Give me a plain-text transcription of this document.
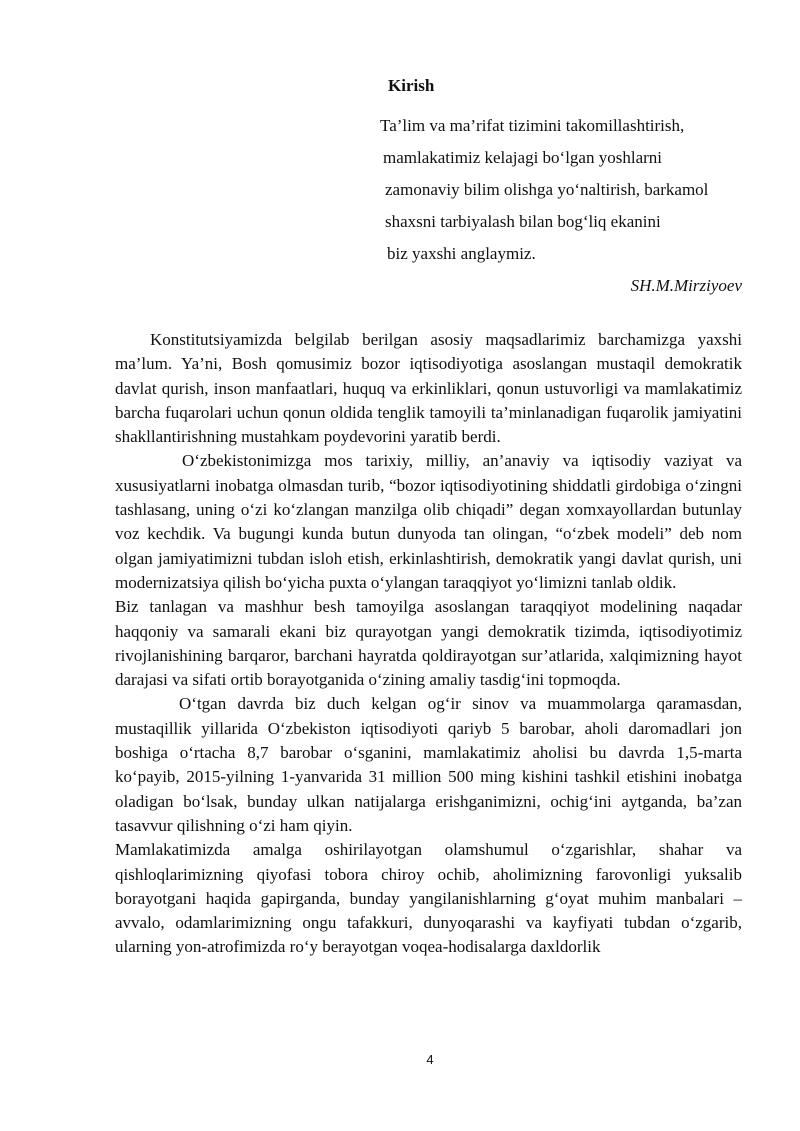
Kirish
Ta’lim va ma’rifat tizimini takomillashtirish,
mamlakatimiz kelajagi bo‘lgan yoshlarni
zamonaviy bilim olishga yo‘naltirish, barkamol
shaxsni tarbiyalash bilan bog‘liq ekanini
biz yaxshi anglaymiz.
SH.M.Mirziyoev

Konstitutsiyamizda belgilab berilgan asosiy maqsadlarimiz barchamizga yaxshi ma’lum. Ya’ni, Bosh qomusimiz bozor iqtisodiyotiga asoslangan mustaqil demokratik davlat qurish, inson manfaatlari, huquq va erkinliklari, qonun ustuvorligi va mamlakatimiz barcha fuqarolari uchun qonun oldida tenglik tamoyili ta’minlanadigan fuqarolik jamiyatini shakllantirishning mustahkam poydevorini yaratib berdi.

O‘zbekistonimizga mos tarixiy, milliy, an’anaviy va iqtisodiy vaziyat va xususiyatlarni inobatga olmasdan turib, “bozor iqtisodiyotining shiddatli girdobiga o‘zingni tashlasang, uning o‘zi ko‘zlangan manzilga olib chiqadi” degan xomxayollardan butunlay voz kechdik. Va bugungi kunda butun dunyoda tan olingan, “o‘zbek modeli” deb nom olgan jamiyatimizni tubdan isloh etish, erkinlashtirish, demokratik yangi davlat qurish, uni modernizatsiya qilish bo‘yicha puxta o‘ylangan taraqqiyot yo‘limizni tanlab oldik.

Biz tanlagan va mashhur besh tamoyilga asoslangan taraqqiyot modelining naqadar haqqoniy va samarali ekani biz qurayotgan yangi demokratik tizimda, iqtisodiyotimiz rivojlanishining barqaror, barchani hayratda qoldirayotgan sur’atlarida, xalqimizning hayot darajasi va sifati ortib borayotganida o‘zining amaliy tasdig‘ini topmoqda.

O‘tgan davrda biz duch kelgan og‘ir sinov va muammolarga qaramasdan, mustaqillik yillarida O‘zbekiston iqtisodiyoti qariyb 5 barobar, aholi daromadlari jon boshiga o‘rtacha 8,7 barobar o‘sganini, mamlakatimiz aholisi bu davrda 1,5-marta ko‘payib, 2015-yilning 1-yanvarida 31 million 500 ming kishini tashkil etishini inobatga oladigan bo‘lsak, bunday ulkan natijalarga erishganimizni, ochig‘ini aytganda, ba’zan tasavvur qilishning o‘zi ham qiyin.

Mamlakatimizda amalga oshirilayotgan olamshumul o‘zgarishlar, shahar va qishloqlarimizning qiyofasi tobora chiroy ochib, aholimizning farovonligi yuksalib borayotgani haqida gapirganda, bunday yangilanishlarning g‘oyat muhim manbalari – avvalo, odamlarimizning ongu tafakkuri, dunyoqarashi va kayfiyati tubdan o‘zgarib, ularning yon-atrofimizda ro‘y berayotgan voqea-hodisalarga daxldorlik

4
